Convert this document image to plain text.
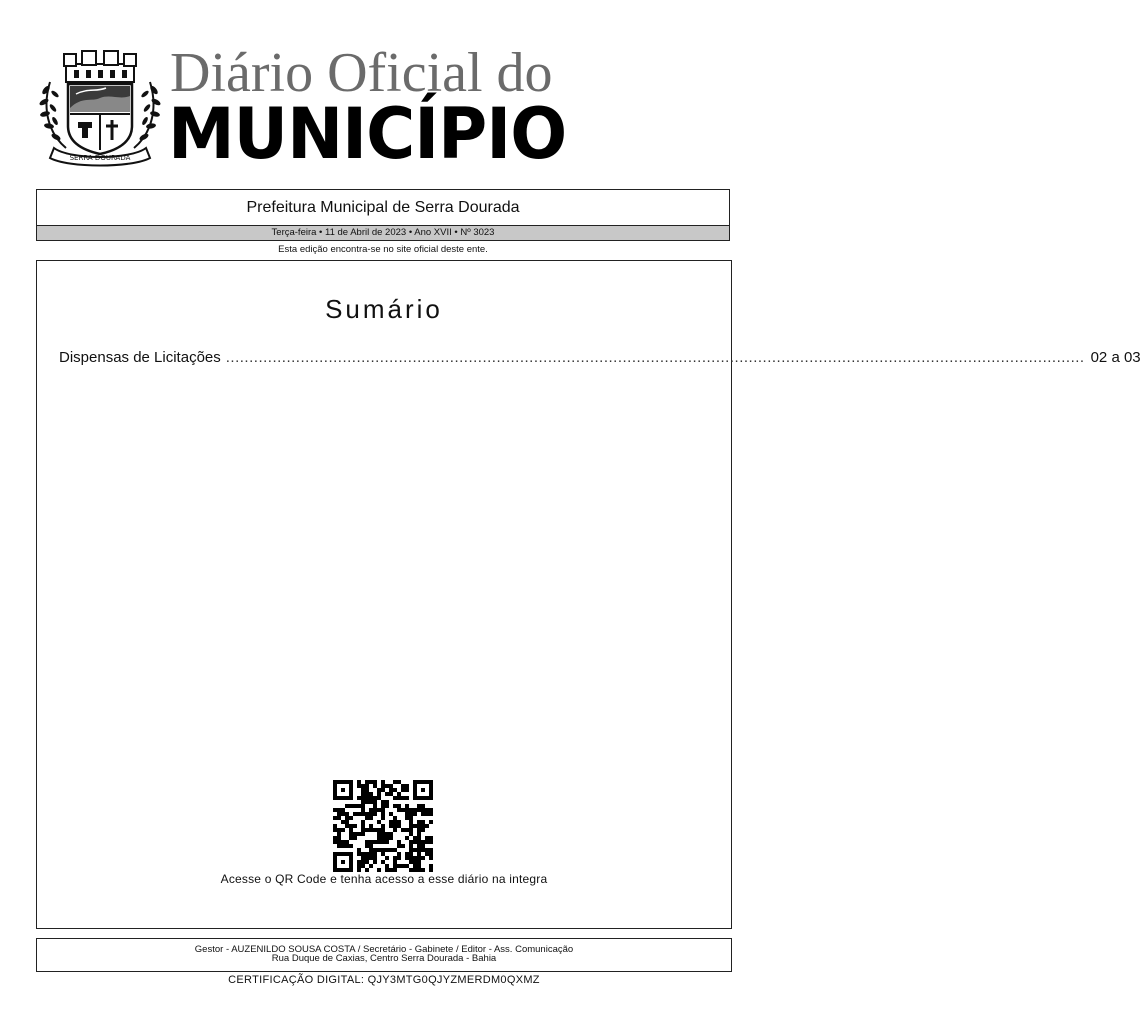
SERRA DOURADA
Diário Oficial do
MUNICÍPIO
Prefeitura Municipal de Serra Dourada
Terça-feira • 11 de Abril de 2023 • Ano XVII • Nº 3023
Esta edição encontra-se no site oficial deste ente.
Sumário
Dispensas de Licitações ........................................................................................................................................................................................ 02 a 03
Acesse o QR Code e tenha acesso a esse diário na integra
Gestor - AUZENILDO SOUSA COSTA / Secretário - Gabinete / Editor - Ass. Comunicação
Rua Duque de Caxias, Centro Serra Dourada - Bahia
CERTIFICAÇÃO DIGITAL: QJY3MTG0QJYZMERDM0QXMZ
